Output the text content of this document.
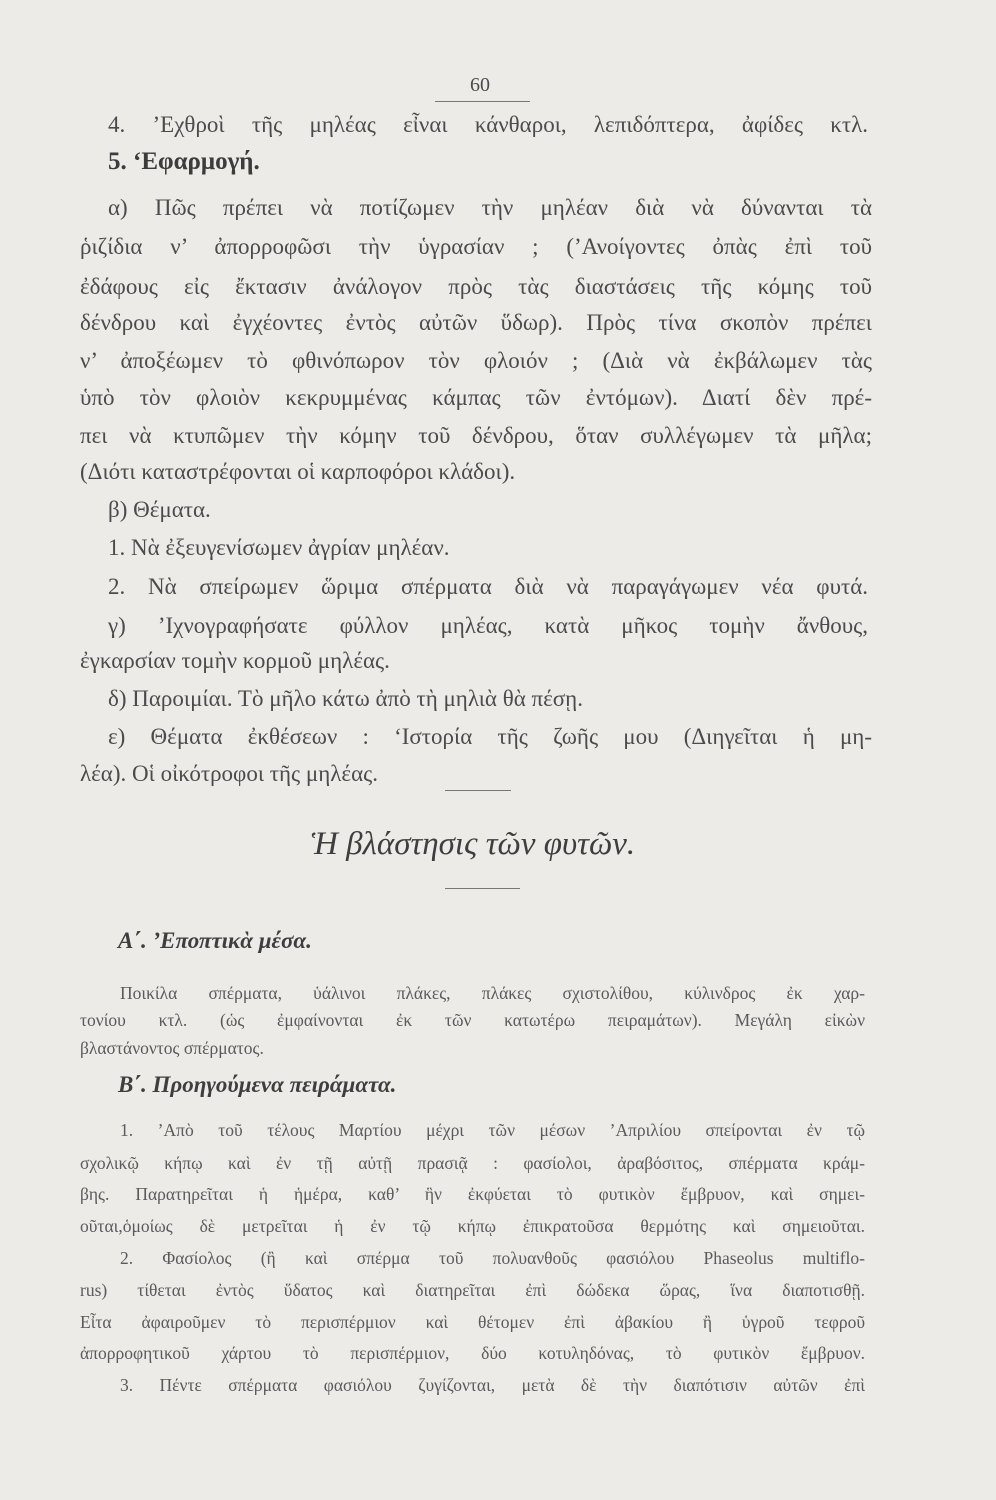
60
4. ’Εχθροὶ τῆς μηλέας εἶναι κάνθαροι, λεπιδόπτερα, ἀφίδες κτλ.
5. ‘Εφαρμογή.
α) Πῶς πρέπει νὰ ποτίζωμεν τὴν μηλέαν διὰ νὰ δύνανται τὰ
ῥιζίδια ν’ ἀπορροφῶσι τὴν ὑγρασίαν ; (’Ανοίγοντες ὀπὰς ἐπὶ τοῦ
ἐδάφους εἰς ἔκτασιν ἀνάλογον πρὸς τὰς διαστάσεις τῆς κόμης τοῦ
δένδρου καὶ ἐγχέοντες ἐντὸς αὐτῶν ὕδωρ). Πρὸς τίνα σκοπὸν πρέπει
ν’ ἀποξέωμεν τὸ φθινόπωρον τὸν φλοιόν ; (Διὰ νὰ ἐκβάλωμεν τὰς
ὑπὸ τὸν φλοιὸν κεκρυμμένας κάμπας τῶν ἐντόμων). Διατί δὲν πρέ-
πει νὰ κτυπῶμεν τὴν κόμην τοῦ δένδρου, ὅταν συλλέγωμεν τὰ μῆλα;
(Διότι καταστρέφονται οἱ καρποφόροι κλάδοι).
β) Θέματα.
1. Νὰ ἐξευγενίσωμεν ἀγρίαν μηλέαν.
2. Νὰ σπείρωμεν ὥριμα σπέρματα διὰ νὰ παραγάγωμεν νέα φυτά.
γ) ’Ιχνογραφήσατε φύλλον μηλέας, κατὰ μῆκος τομὴν ἄνθους,
ἐγκαρσίαν τομὴν κορμοῦ μηλέας.
δ) Παροιμίαι. Τὸ μῆλο κάτω ἀπὸ τὴ μηλιὰ θὰ πέσῃ.
ε) Θέματα ἐκθέσεων : ‘Ιστορία τῆς ζωῆς μου (Διηγεῖται ἡ μη-
λέα). Οἱ οἰκότροφοι τῆς μηλέας.
Ἡ βλάστησις τῶν φυτῶν.
Α΄. ’Εποπτικὰ μέσα.
Ποικίλα σπέρματα, ὑάλινοι πλάκες, πλάκες σχιστολίθου, κύλινδρος ἐκ χαρ-
τονίου κτλ. (ὡς ἐμφαίνονται ἐκ τῶν κατωτέρω πειραμάτων). Μεγάλη εἰκὼν
βλαστάνοντος σπέρματος.
Β΄. Προηγούμενα πειράματα.
1. ’Απὸ τοῦ τέλους Μαρτίου μέχρι τῶν μέσων ’Απριλίου σπείρονται ἐν τῷ
σχολικῷ κήπῳ καὶ ἐν τῇ αὐτῇ πρασιᾷ : φασίολοι, ἀραβόσιτος, σπέρματα κράμ-
βης. Παρατηρεῖται ἡ ἡμέρα, καθ’ ἣν ἐκφύεται τὸ φυτικὸν ἔμβρυον, καὶ σημει-
οῦται,ὁμοίως δὲ μετρεῖται ἡ ἐν τῷ κήπῳ ἐπικρατοῦσα θερμότης καὶ σημειοῦται.
2. Φασίολος (ἢ καὶ σπέρμα τοῦ πολυανθοῦς φασιόλου Phaseolus multiflo-
rus) τίθεται ἐντὸς ὕδατος καὶ διατηρεῖται ἐπὶ δώδεκα ὥρας, ἵνα διαποτισθῇ.
Εἶτα ἀφαιροῦμεν τὸ περισπέρμιον καὶ θέτομεν ἐπὶ ἀβακίου ἢ ὑγροῦ τεφροῦ
ἀπορροφητικοῦ χάρτου τὸ περισπέρμιον, δύο κοτυληδόνας, τὸ φυτικὸν ἔμβρυον.
3. Πέντε σπέρματα φασιόλου ζυγίζονται, μετὰ δὲ τὴν διαπότισιν αὐτῶν ἐπὶ
